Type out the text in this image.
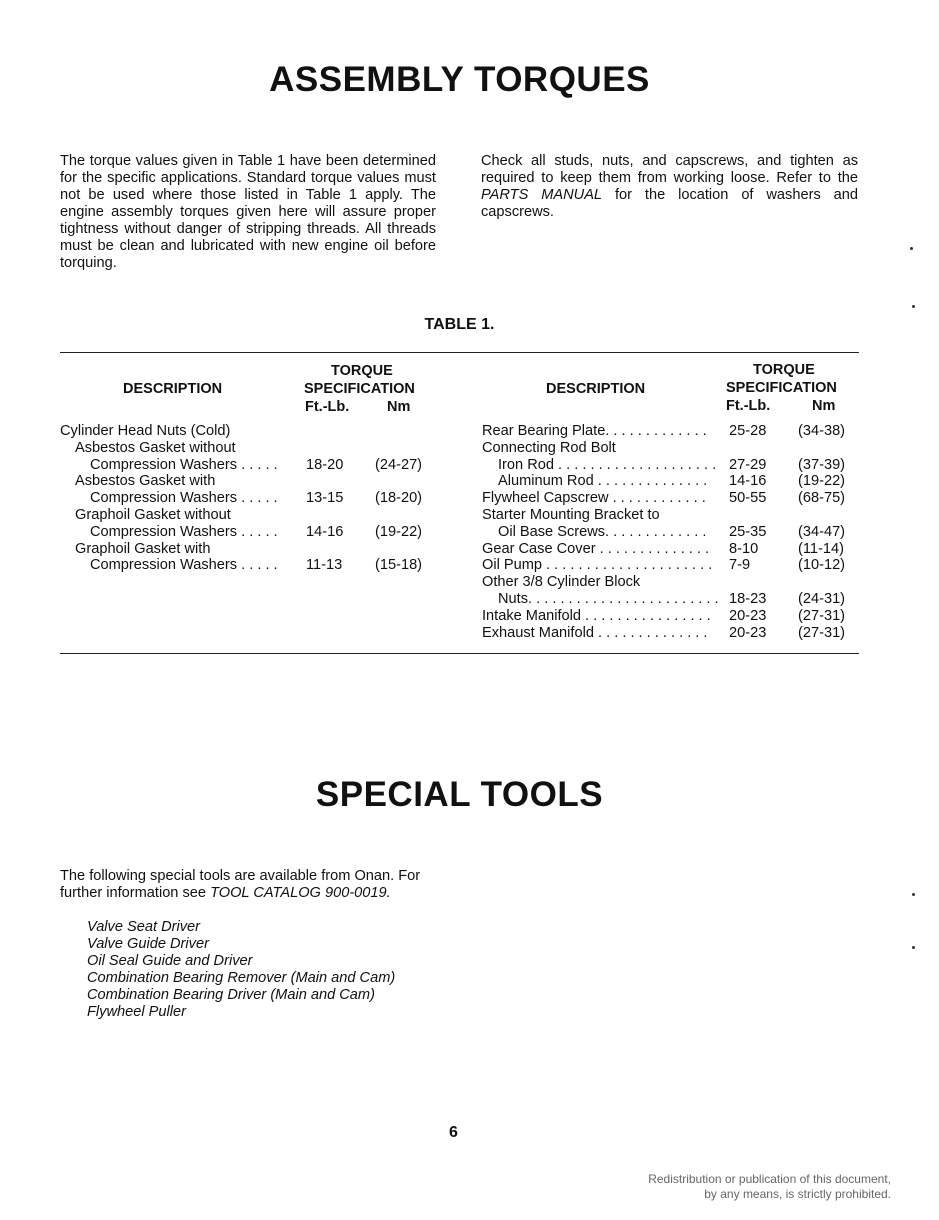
ASSEMBLY TORQUES

The torque values given in Table 1 have been determined for the specific applications. Standard torque values must not be used where those listed in Table 1 apply. The engine assembly torques given here will assure proper tightness without danger of stripping threads. All threads must be clean and lubricated with new engine oil before torquing.

Check all studs, nuts, and capscrews, and tighten as required to keep them from working loose. Refer to the PARTS MANUAL for the location of washers and capscrews.

TABLE 1.
DESCRIPTION
TORQUE
SPECIFICATION
Ft.-Lb.	Nm
DESCRIPTION
TORQUE
SPECIFICATION
Ft.-Lb.	Nm
Cylinder Head Nuts (Cold)
Asbestos Gasket without
Compression Washers . . . . . 18-20 (24-27)
Asbestos Gasket with
Compression Washers . . . . . 13-15 (18-20)
Graphoil Gasket without
Compression Washers . . . . . 14-16 (19-22)
Graphoil Gasket with
Compression Washers . . . . . 11-13 (15-18)
Rear Bearing Plate. . . . . . . . . . . . . 25-28 (34-38)
Connecting Rod Bolt
Iron Rod . . . . . . . . . . . . . . . . . . . . 27-29 (37-39)
Aluminum Rod . . . . . . . . . . . . . . 14-16 (19-22)
Flywheel Capscrew . . . . . . . . . . . . 50-55 (68-75)
Starter Mounting Bracket to
Oil Base Screws. . . . . . . . . . . . . 25-35 (34-47)
Gear Case Cover . . . . . . . . . . . . . . 8-10	(11-14)
Oil Pump . . . . . . . . . . . . . . . . . . . . . 7-9	(10-12)
Other 3/8 Cylinder Block
Nuts. . . . . . . . . . . . . . . . . . . . . . . . 18-23 (24-31)
Intake Manifold . . . . . . . . . . . . . . . . 20-23 (27-31)
Exhaust Manifold . . . . . . . . . . . . . . 20-23 (27-31)
SPECIAL TOOLS
The following special tools are available from Onan. For
further information see TOOL CATALOG 900-0019.
Valve Seat Driver
Valve Guide Driver
Oil Seal Guide and Driver
Combination Bearing Remover (Main and Cam)
Combination Bearing Driver (Main and Cam)
Flywheel Puller
6
Redistribution or publication of this document,
by any means, is strictly prohibited.
